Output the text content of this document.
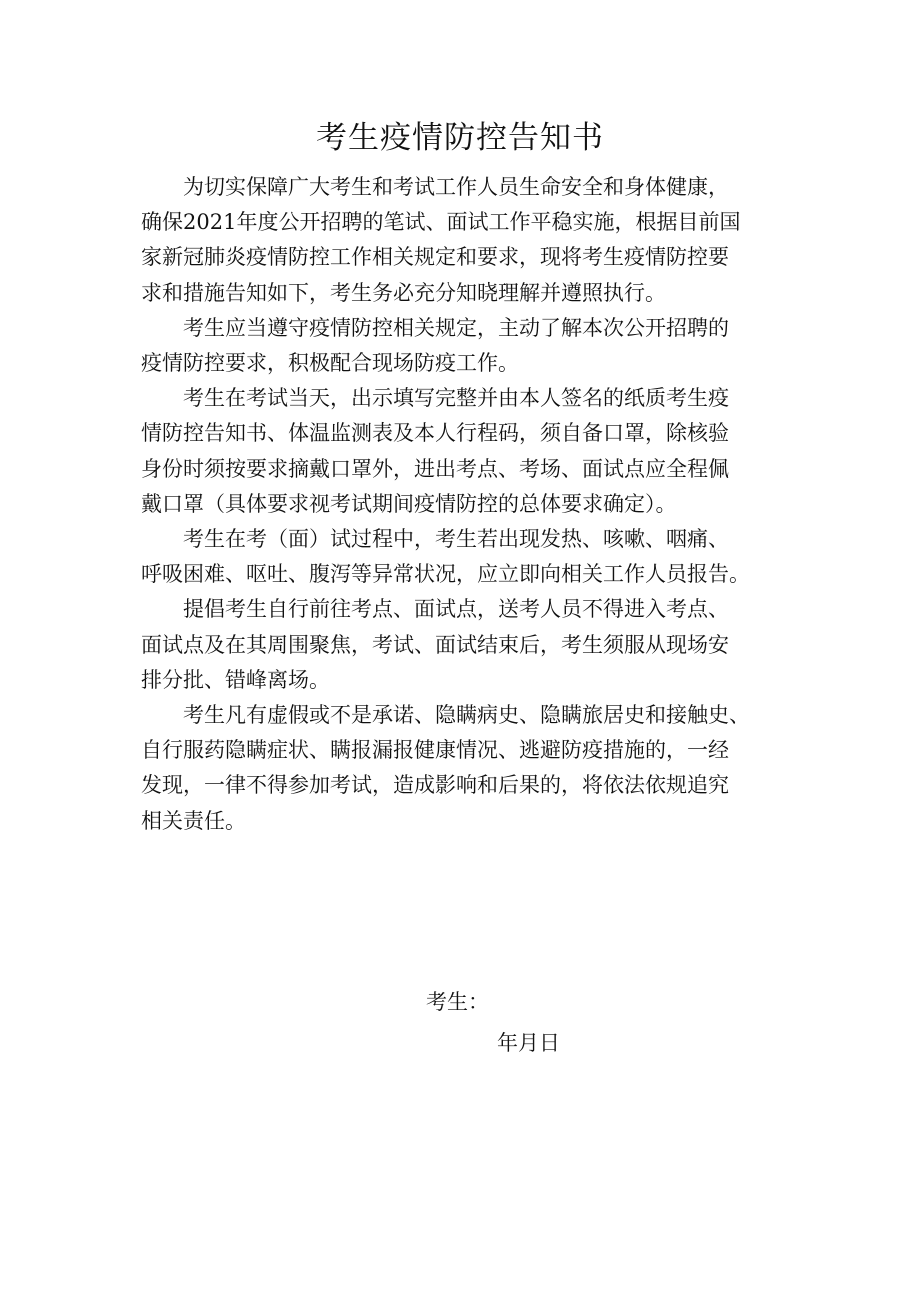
考生疫情防控告知书

为切实保障广大考生和考试工作人员生命安全和身体健康，
确保2021年度公开招聘的笔试、面试工作平稳实施，根据目前国
家新冠肺炎疫情防控工作相关规定和要求，现将考生疫情防控要
求和措施告知如下，考生务必充分知晓理解并遵照执行。

考生应当遵守疫情防控相关规定，主动了解本次公开招聘的
疫情防控要求，积极配合现场防疫工作。

考生在考试当天，出示填写完整并由本人签名的纸质考生疫
情防控告知书、体温监测表及本人行程码，须自备口罩，除核验
身份时须按要求摘戴口罩外，进出考点、考场、面试点应全程佩
戴口罩（具体要求视考试期间疫情防控的总体要求确定）。

考生在考（面）试过程中，考生若出现发热、咳嗽、咽痛、
呼吸困难、呕吐、腹泻等异常状况，应立即向相关工作人员报告。

提倡考生自行前往考点、面试点，送考人员不得进入考点、
面试点及在其周围聚焦，考试、面试结束后，考生须服从现场安
排分批、错峰离场。

考生凡有虚假或不是承诺、隐瞒病史、隐瞒旅居史和接触史、
自行服药隐瞒症状、瞒报漏报健康情况、逃避防疫措施的，一经
发现，一律不得参加考试，造成影响和后果的，将依法依规追究
相关责任。

考生：

年月日
